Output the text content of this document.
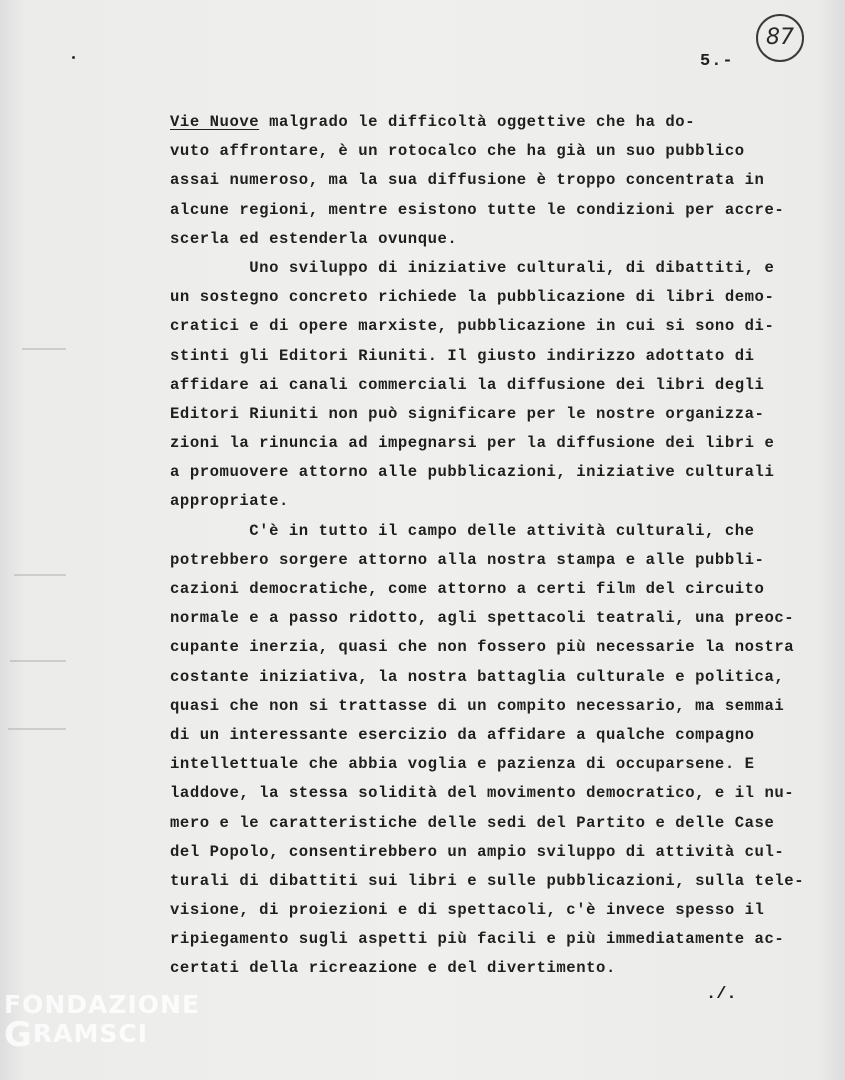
87
5.-
Vie Nuove malgrado le difficoltà oggettive che ha do-
vuto affrontare, è un rotocalco che ha già un suo pubblico
assai numeroso, ma la sua diffusione è troppo concentrata in
alcune regioni, mentre esistono tutte le condizioni per accre-
scerla ed estenderla ovunque.
Uno sviluppo di iniziative culturali, di dibattiti, e
un sostegno concreto richiede la pubblicazione di libri demo-
cratici e di opere marxiste, pubblicazione in cui si sono di-
stinti gli Editori Riuniti. Il giusto indirizzo adottato di
affidare ai canali commerciali la diffusione dei libri degli
Editori Riuniti non può significare per le nostre organizza-
zioni la rinuncia ad impegnarsi per la diffusione dei libri e
a promuovere attorno alle pubblicazioni, iniziative culturali
appropriate.
C'è in tutto il campo delle attività culturali, che
potrebbero sorgere attorno alla nostra stampa e alle pubbli-
cazioni democratiche, come attorno a certi film del circuito
normale e a passo ridotto, agli spettacoli teatrali, una preoc-
cupante inerzia, quasi che non fossero più necessarie la nostra
costante iniziativa, la nostra battaglia culturale e politica,
quasi che non si trattasse di un compito necessario, ma semmai
di un interessante esercizio da affidare a qualche compagno
intellettuale che abbia voglia e pazienza di occuparsene. E
laddove, la stessa solidità del movimento democratico, e il nu-
mero e le caratteristiche delle sedi del Partito e delle Case
del Popolo, consentirebbero un ampio sviluppo di attività cul-
turali di dibattiti sui libri e sulle pubblicazioni, sulla tele-
visione, di proiezioni e di spettacoli, c'è invece spesso il
ripiegamento sugli aspetti più facili e più immediatamente ac-
certati della ricreazione e del divertimento.
./.
FONDAZIONE
GRAMSCI
